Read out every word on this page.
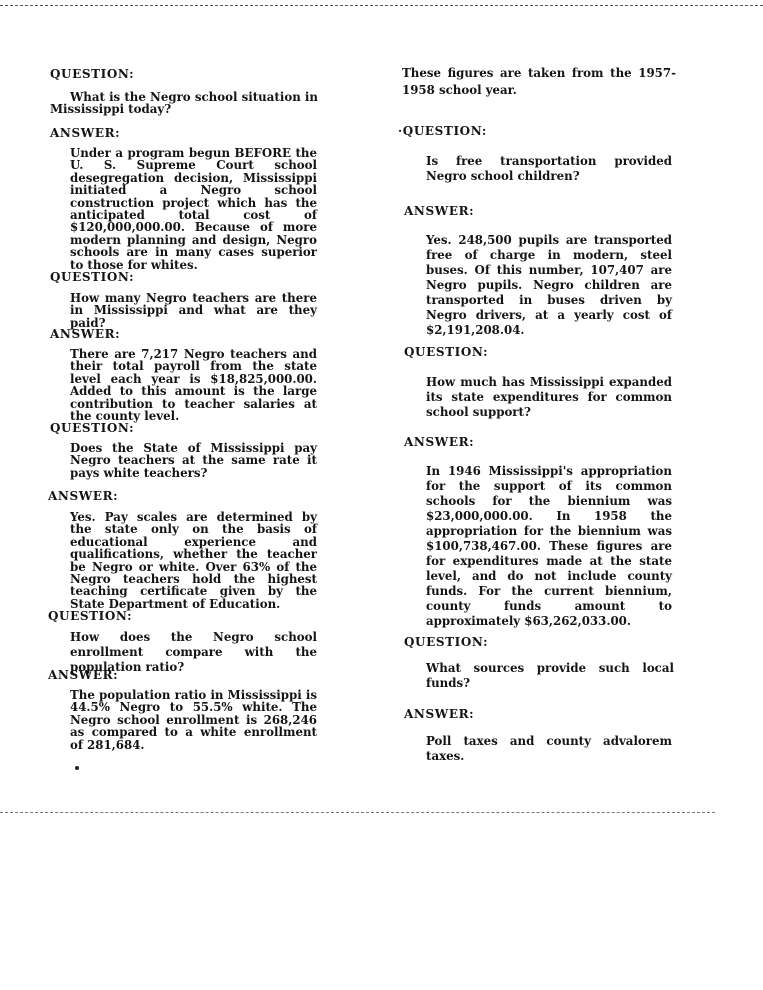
QUESTION:
What is the Negro school situation in Mississippi today?
ANSWER:
Under a program begun BEFORE the U. S. Supreme Court school desegregation decision, Mississippi initiated a Negro school construction project which has the anticipated total cost of $120,000,000.00. Because of more modern planning and design, Negro schools are in many cases superior to those for whites.
QUESTION:
How many Negro teachers are there in Mississippi and what are they paid?
ANSWER:
There are 7,217 Negro teachers and their total payroll from the state level each year is $18,825,000.00. Added to this amount is the large contribution to teacher salaries at the county level.
QUESTION:
Does the State of Mississippi pay Negro teachers at the same rate it pays white teachers?
ANSWER:
Yes. Pay scales are determined by the state only on the basis of educational experience and qualifications, whether the teacher be Negro or white. Over 63% of the Negro teachers hold the highest teaching certificate given by the State Department of Education.
QUESTION:
How does the Negro school enrollment compare with the population ratio?
ANSWER:
The population ratio in Mississippi is 44.5% Negro to 55.5% white. The Negro school enrollment is 268,246 as compared to a white enrollment of 281,684.
These figures are taken from the 1957-1958 school year.
·QUESTION:
Is free transportation provided Negro school children?
ANSWER:
Yes. 248,500 pupils are transported free of charge in modern, steel buses. Of this number, 107,407 are Negro pupils. Negro children are transported in buses driven by Negro drivers, at a yearly cost of $2,191,208.04.
QUESTION:
How much has Mississippi expanded its state expenditures for common school support?
ANSWER:
In 1946 Mississippi's appropriation for the support of its common schools for the biennium was $23,000,000.00. In 1958 the appropriation for the biennium was $100,738,467.00. These figures are for expenditures made at the state level, and do not include county funds. For the current biennium, county funds amount to approximately $63,262,033.00.
QUESTION:
What sources provide such local funds?
ANSWER:
Poll taxes and county advalorem taxes.
